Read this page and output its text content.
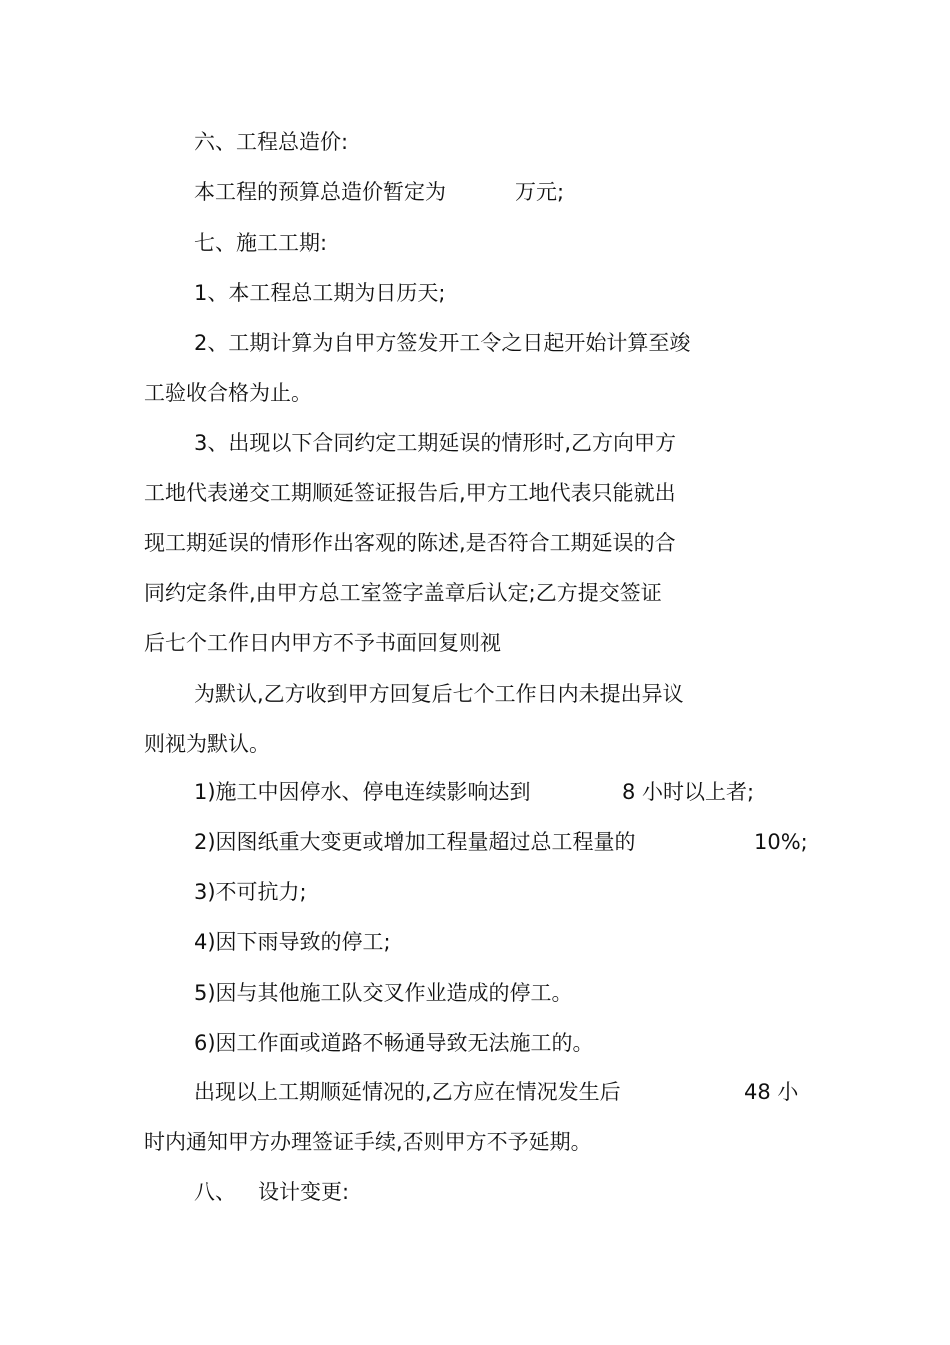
六、工程总造价:
本工程的预算总造价暂定为	万元;
七、施工工期:
1、本工程总工期为日历天;
2、工期计算为自甲方签发开工令之日起开始计算至竣
工验收合格为止。
3、出现以下合同约定工期延误的情形时,乙方向甲方
工地代表递交工期顺延签证报告后,甲方工地代表只能就出
现工期延误的情形作出客观的陈述,是否符合工期延误的合
同约定条件,由甲方总工室签字盖章后认定;乙方提交签证
后七个工作日内甲方不予书面回复则视
为默认,乙方收到甲方回复后七个工作日内未提出异议
则视为默认。
1)施工中因停水、停电连续影响达到	8 小时以上者;
2)因图纸重大变更或增加工程量超过总工程量的	10%;
3)不可抗力;
4)因下雨导致的停工;
5)因与其他施工队交叉作业造成的停工。
6)因工作面或道路不畅通导致无法施工的。
出现以上工期顺延情况的,乙方应在情况发生后	48 小
时内通知甲方办理签证手续,否则甲方不予延期。
八、 设计变更:
